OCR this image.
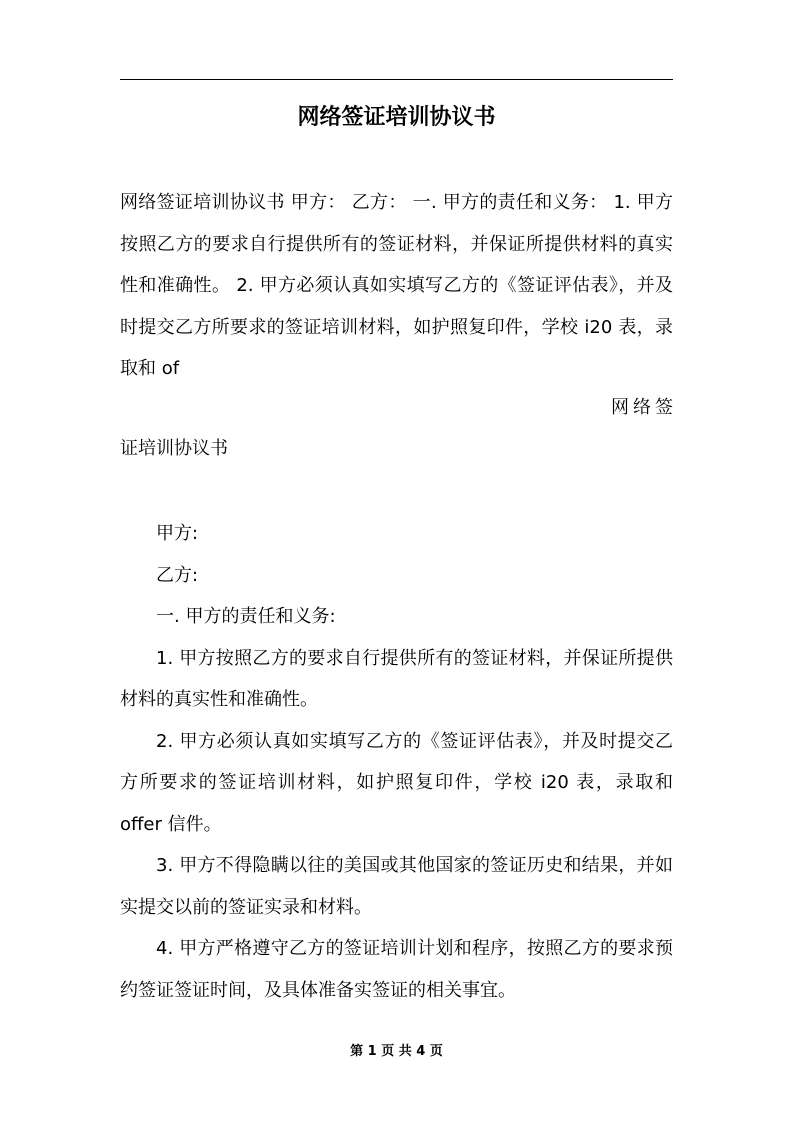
网络签证培训协议书
网络签证培训协议书 甲方： 乙方： 一. 甲方的责任和义务： 1. 甲方按照乙方的要求自行提供所有的签证材料，并保证所提供材料的真实性和准确性。 2. 甲方必须认真如实填写乙方的《签证评估表》，并及时提交乙方所要求的签证培训材料，如护照复印件，学校 i20 表，录取和 of
网络签
证培训协议书

甲方:

乙方:

一. 甲方的责任和义务:

1. 甲方按照乙方的要求自行提供所有的签证材料，并保证所提供材料的真实性和准确性。

2. 甲方必须认真如实填写乙方的《签证评估表》，并及时提交乙方所要求的签证培训材料，如护照复印件，学校 i20 表，录取和 offer 信件。

3. 甲方不得隐瞒以往的美国或其他国家的签证历史和结果，并如实提交以前的签证实录和材料。

4. 甲方严格遵守乙方的签证培训计划和程序，按照乙方的要求预约签证签证时间，及具体准备实签证的相关事宜。

第 1 页 共 4 页
